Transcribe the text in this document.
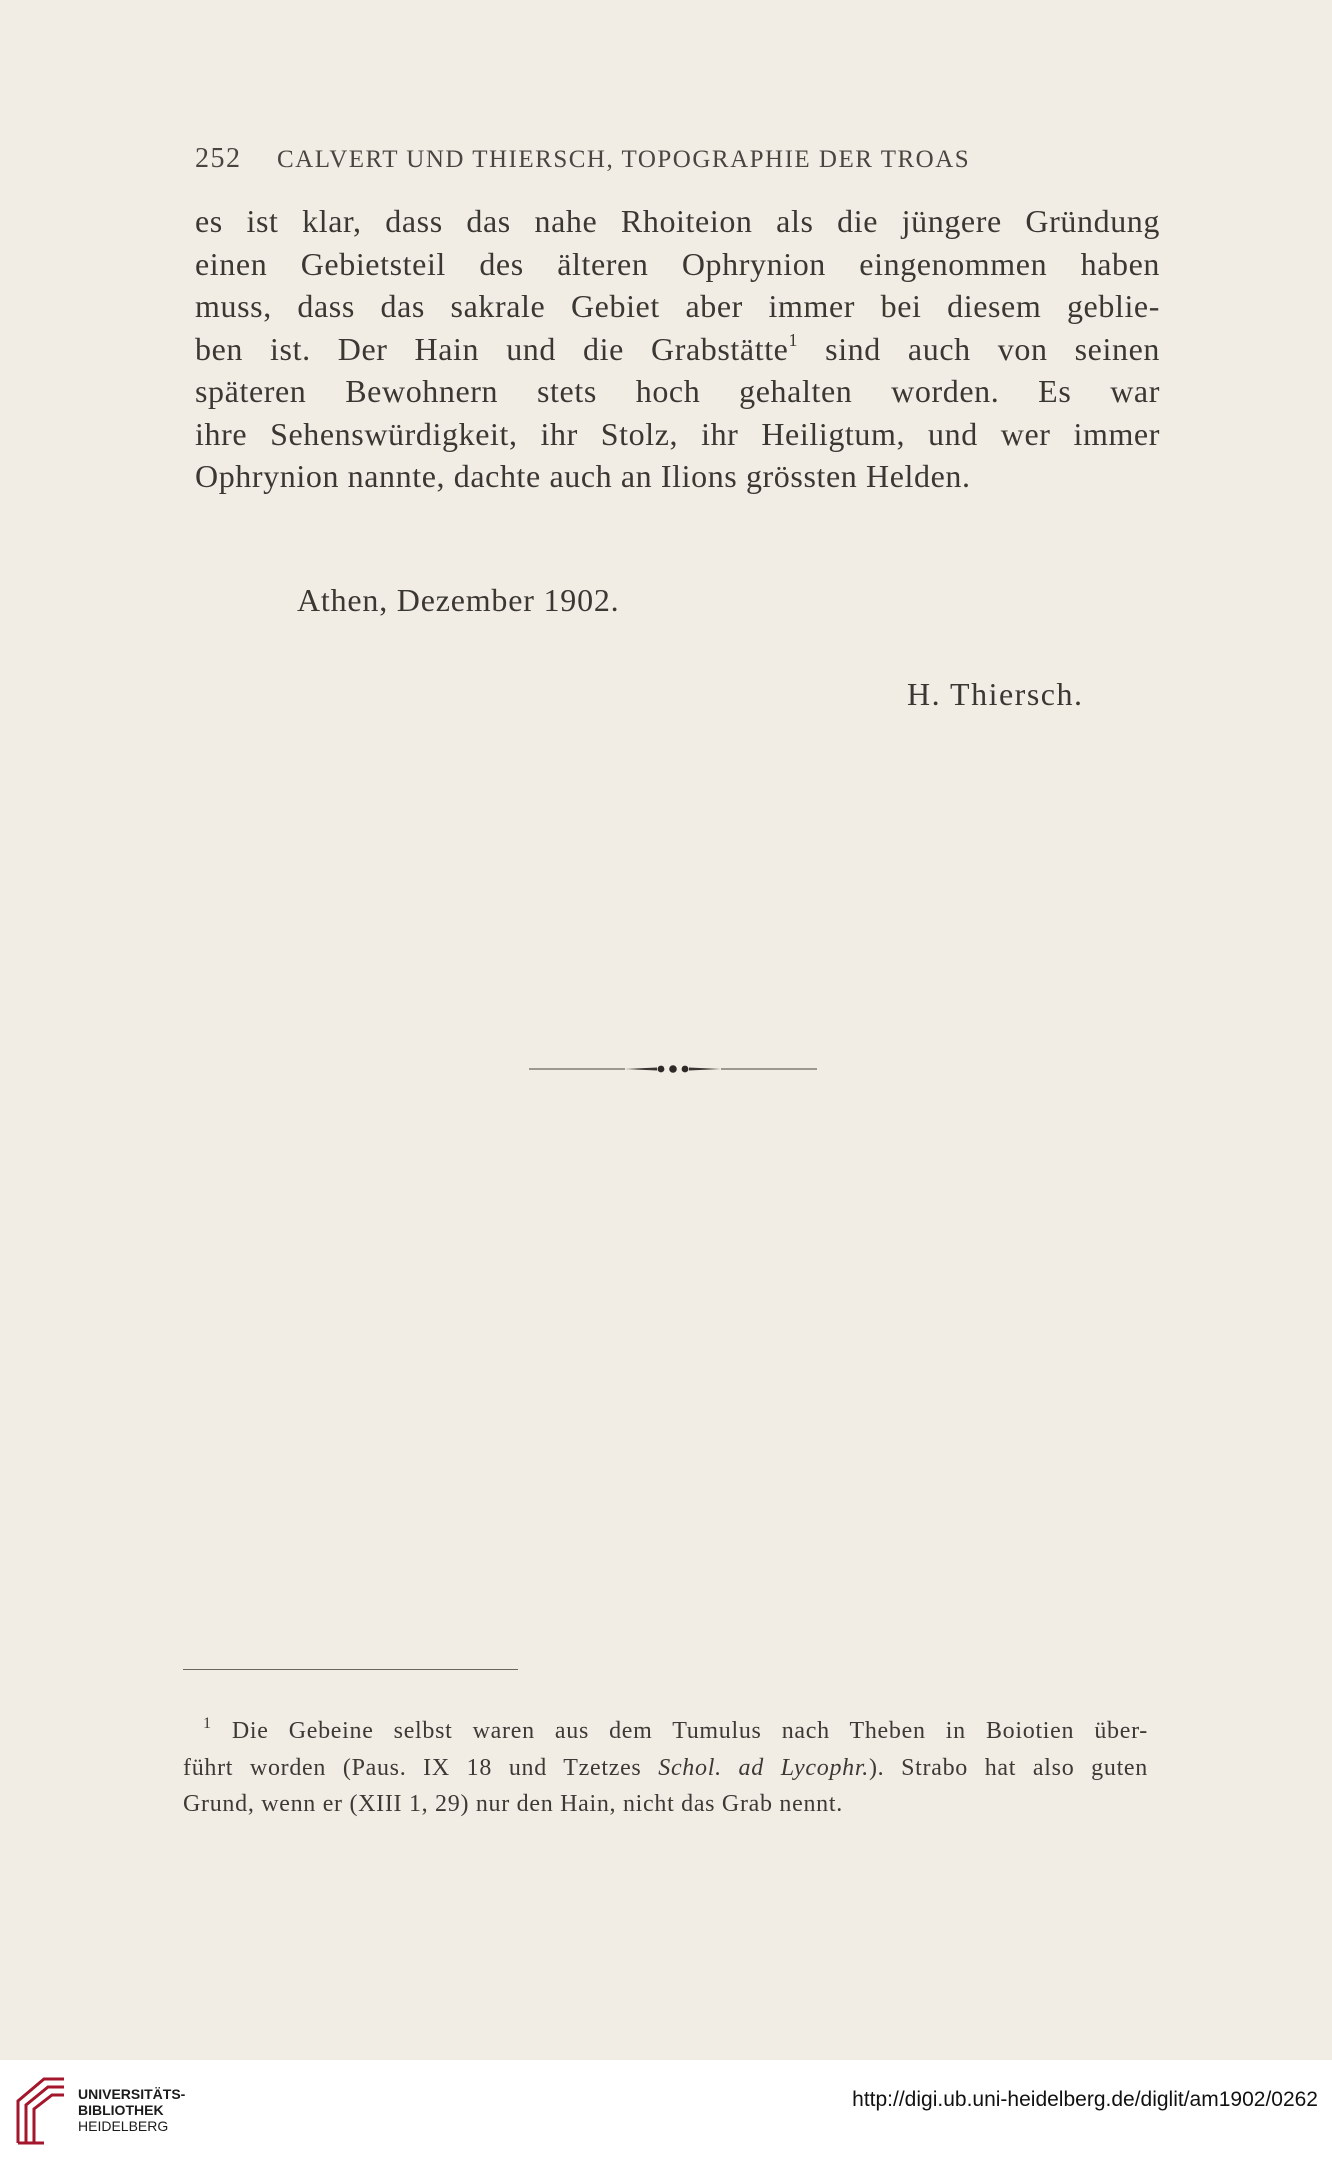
252 CALVERT UND THIERSCH, TOPOGRAPHIE DER TROAS
es ist klar, dass das nahe Rhoiteion als die jüngere Gründung
einen Gebietsteil des älteren Ophrynion eingenommen haben
muss, dass das sakrale Gebiet aber immer bei diesem geblie-
ben ist. Der Hain und die Grabstätte$^1$ sind auch von seinen
späteren Bewohnern stets hoch gehalten worden. Es war
ihre Sehenswürdigkeit, ihr Stolz, ihr Heiligtum, und wer immer
Ophrynion nannte, dachte auch an Ilions grössten Helden.
Athen, Dezember 1902.
H. Thiersch.
$^1$ Die Gebeine selbst waren aus dem Tumulus nach Theben in Boiotien über-
führt worden (Paus. IX 18 und Tzetzes Schol. ad Lycophr.). Strabo hat also guten
Grund, wenn er (XIII 1, 29) nur den Hain, nicht das Grab nennt.
UNIVERSITÄTS-
BIBLIOTHEK
HEIDELBERG
http://digi.ub.uni-heidelberg.de/diglit/am1902/0262
